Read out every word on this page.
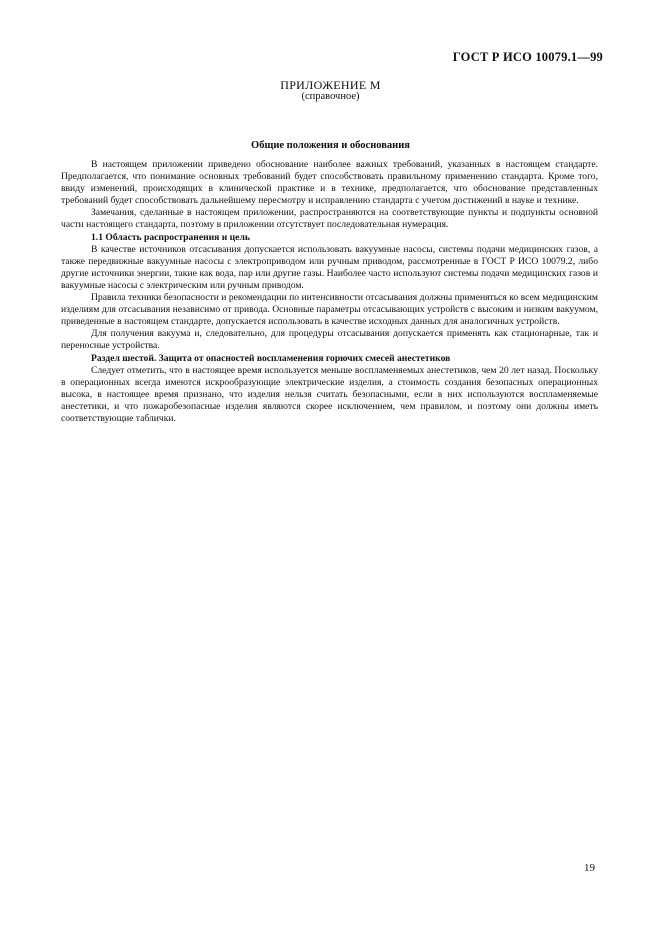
ГОСТ Р ИСО 10079.1—99
ПРИЛОЖЕНИЕ М
(справочное)
Общие положения и обоснования

В настоящем приложении приведено обоснование наиболее важных требований, указанных в настоящем стандарте. Предполагается, что понимание основных требований будет способствовать правильному применению стандарта. Кроме того, ввиду изменений, происходящих в клинической практике и в технике, предполагается, что обоснование представленных требований будет способствовать дальнейшему пересмотру и исправлению стандарта с учетом достижений в науке и технике.

Замечания, сделанные в настоящем приложении, распространяются на соответствующие пункты и подпункты основной части настоящего стандарта, поэтому в приложении отсутствует последовательная нумерация.

1.1 Область распространения и цель

В качестве источников отсасывания допускается использовать вакуумные насосы, системы подачи медицинских газов, а также передвижные вакуумные насосы с электроприводом или ручным приводом, рассмотренные в ГОСТ Р ИСО 10079.2, либо другие источники энергии, такие как вода, пар или другие газы. Наиболее часто используют системы подачи медицинских газов и вакуумные насосы с электрическим или ручным приводом.

Правила техники безопасности и рекомендации по интенсивности отсасывания должны применяться ко всем медицинским изделиям для отсасывания независимо от привода. Основные параметры отсасывающих устройств с высоким и низким вакуумом, приведенные в настоящем стандарте, допускается использовать в качестве исходных данных для аналогичных устройств.

Для получения вакуума и, следовательно, для процедуры отсасывания допускается применять как стационарные, так и переносные устройства.

Раздел шестой. Защита от опасностей воспламенения горючих смесей анестетиков

Следует отметить, что в настоящее время используется меньше воспламеняемых анестетиков, чем 20 лет назад. Поскольку в операционных всегда имеются искрообразующие электрические изделия, а стоимость создания безопасных операционных высока, в настоящее время признано, что изделия нельзя считать безопасными, если в них используются воспламеняемые анестетики, и что пожаробезопасные изделия являются скорее исключением, чем правилом, и поэтому они должны иметь соответствующие таблички.

19
